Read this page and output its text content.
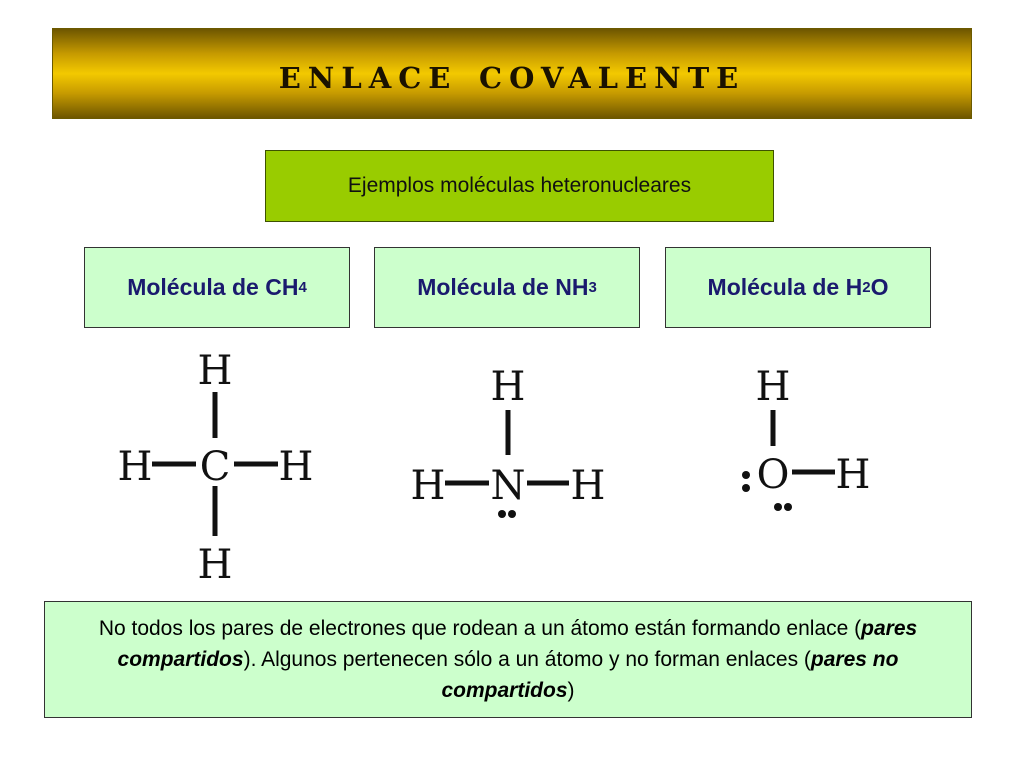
enlace covalente
Ejemplos moléculas heteronucleares
Molécula de
CH 4	Molécula de
NH 3	Molécula de
H 2 O
H
H C H
H
H
H N H
H
O H
No todos los pares de electrones que rodean a un átomo están formando enlace (pares compartidos). Algunos pertenecen sólo a un átomo y no forman enlaces (pares no compartidos)
